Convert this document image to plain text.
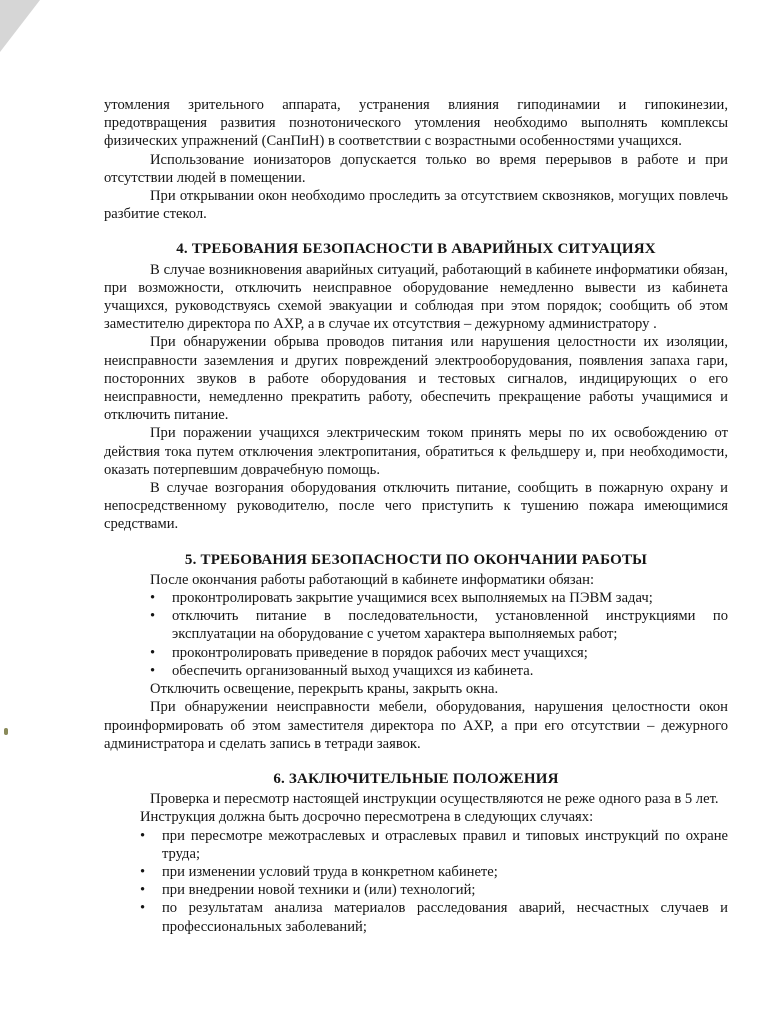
утомления зрительного аппарата, устранения влияния гиподинамии и гипокинезии, предотвращения развития познотонического утомления необходимо выполнять комплексы физических упражнений (СанПиН) в соответствии с возрастными особенностями учащихся.

Использование ионизаторов допускается только во время перерывов в работе и при отсутствии людей в помещении.

При открывании окон необходимо проследить за отсутствием сквозняков, могущих повлечь разбитие стекол.

4. ТРЕБОВАНИЯ БЕЗОПАСНОСТИ В АВАРИЙНЫХ СИТУАЦИЯХ

В случае возникновения аварийных ситуаций, работающий в кабинете информатики обязан, при возможности, отключить неисправное оборудование немедленно вывести из кабинета учащихся, руководствуясь схемой эвакуации и соблюдая при этом порядок; сообщить об этом заместителю директора по АХР, а в случае их отсутствия – дежурному администратору .

При обнаружении обрыва проводов питания или нарушения целостности их изоляции, неисправности заземления и других повреждений электрооборудования, появления запаха гари, посторонних звуков в работе оборудования и тестовых сигналов, индицирующих о его неисправности, немедленно прекратить работу, обеспечить прекращение работы учащимися и отключить питание.

При поражении учащихся электрическим током принять меры по их освобождению от действия тока путем отключения электропитания, обратиться к фельдшеру и, при необходимости, оказать потерпевшим доврачебную помощь.

В случае возгорания оборудования отключить питание, сообщить в пожарную охрану и непосредственному руководителю, после чего приступить к тушению пожара имеющимися средствами.

5. ТРЕБОВАНИЯ БЕЗОПАСНОСТИ ПО ОКОНЧАНИИ РАБОТЫ

После окончания работы работающий в кабинете информатики обязан:

• проконтролировать закрытие учащимися всех выполняемых на ПЭВМ задач;
• отключить питание в последовательности, установленной инструкциями по эксплуатации на оборудование с учетом характера выполняемых работ;
• проконтролировать приведение в порядок рабочих мест учащихся;
• обеспечить организованный выход учащихся из кабинета.

Отключить освещение, перекрыть краны, закрыть окна.

При обнаружении неисправности мебели, оборудования, нарушения целостности окон проинформировать об этом заместителя директора по АХР, а при его отсутствии – дежурного администратора и сделать запись в тетради заявок.

6. ЗАКЛЮЧИТЕЛЬНЫЕ ПОЛОЖЕНИЯ

Проверка и пересмотр настоящей инструкции осуществляются не реже одного раза в 5 лет.

Инструкция должна быть досрочно пересмотрена в следующих случаях:

• при пересмотре межотраслевых и отраслевых правил и типовых инструкций по охране труда;
• при изменении условий труда в конкретном кабинете;
• при внедрении новой техники и (или) технологий;
• по результатам анализа материалов расследования аварий, несчастных случаев и профессиональных заболеваний;
